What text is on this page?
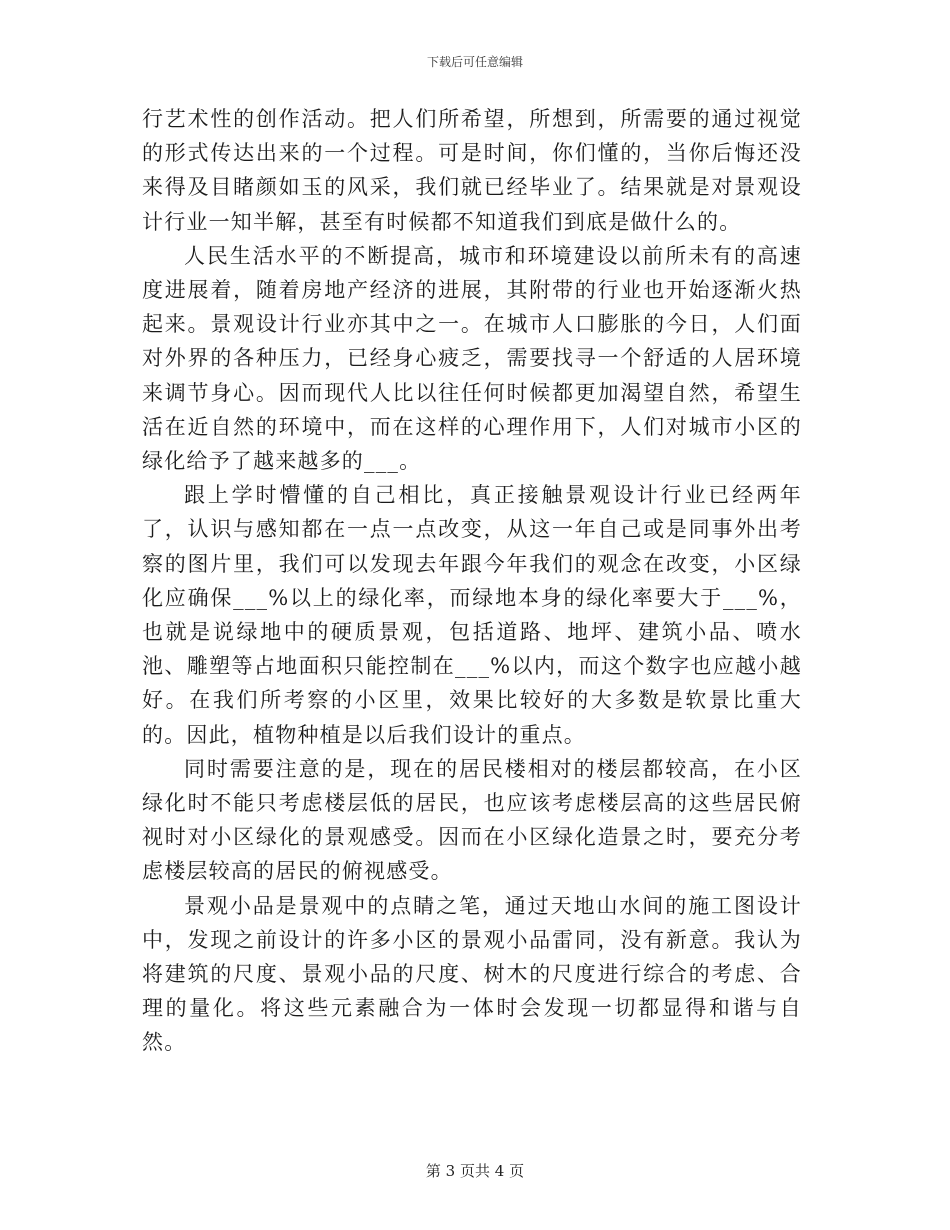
下载后可任意编辑

行艺术性的创作活动。把人们所希望，所想到，所需要的通过视觉的形式传达出来的一个过程。可是时间，你们懂的，当你后悔还没来得及目睹颜如玉的风采，我们就已经毕业了。结果就是对景观设计行业一知半解，甚至有时候都不知道我们到底是做什么的。

人民生活水平的不断提高，城市和环境建设以前所未有的高速度进展着，随着房地产经济的进展，其附带的行业也开始逐渐火热起来。景观设计行业亦其中之一。在城市人口膨胀的今日，人们面对外界的各种压力，已经身心疲乏，需要找寻一个舒适的人居环境来调节身心。因而现代人比以往任何时候都更加渴望自然，希望生活在近自然的环境中，而在这样的心理作用下，人们对城市小区的绿化给予了越来越多的___。

跟上学时懵懂的自己相比，真正接触景观设计行业已经两年了，认识与感知都在一点一点改变，从这一年自己或是同事外出考察的图片里，我们可以发现去年跟今年我们的观念在改变，小区绿化应确保___%以上的绿化率，而绿地本身的绿化率要大于___%，也就是说绿地中的硬质景观，包括道路、地坪、建筑小品、喷水池、雕塑等占地面积只能控制在___%以内，而这个数字也应越小越好。在我们所考察的小区里，效果比较好的大多数是软景比重大的。因此，植物种植是以后我们设计的重点。

同时需要注意的是，现在的居民楼相对的楼层都较高，在小区绿化时不能只考虑楼层低的居民，也应该考虑楼层高的这些居民俯视时对小区绿化的景观感受。因而在小区绿化造景之时，要充分考虑楼层较高的居民的俯视感受。

景观小品是景观中的点睛之笔，通过天地山水间的施工图设计中，发现之前设计的许多小区的景观小品雷同，没有新意。我认为将建筑的尺度、景观小品的尺度、树木的尺度进行综合的考虑、合理的量化。将这些元素融合为一体时会发现一切都显得和谐与自然。

第 3 页共 4 页
